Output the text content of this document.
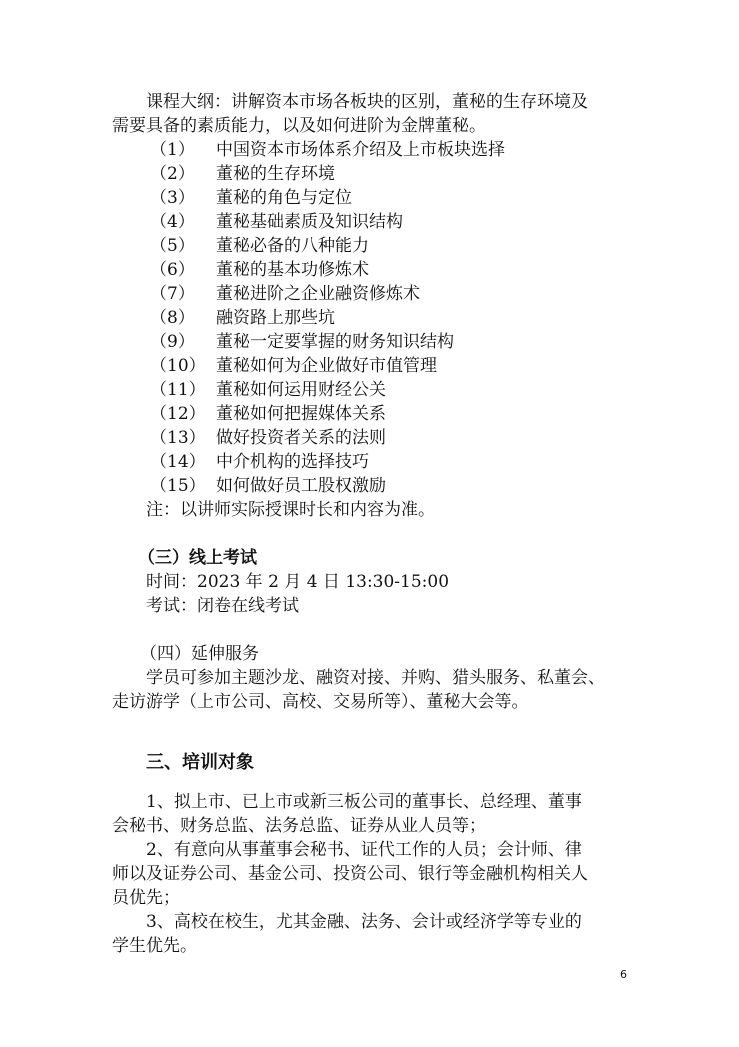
课程大纲：讲解资本市场各板块的区别，董秘的生存环境及
需要具备的素质能力，以及如何进阶为金牌董秘。
（1） 中国资本市场体系介绍及上市板块选择
（2） 董秘的生存环境
（3） 董秘的角色与定位
（4） 董秘基础素质及知识结构
（5） 董秘必备的八种能力
（6） 董秘的基本功修炼术
（7） 董秘进阶之企业融资修炼术
（8） 融资路上那些坑
（9） 董秘一定要掌握的财务知识结构
（10） 董秘如何为企业做好市值管理
（11） 董秘如何运用财经公关
（12） 董秘如何把握媒体关系
（13） 做好投资者关系的法则
（14） 中介机构的选择技巧
（15） 如何做好员工股权激励
注：以讲师实际授课时长和内容为准。
（三）线上考试
时间：2023 年 2 月 4 日 13:30-15:00
考试：闭卷在线考试
（四）延伸服务
学员可参加主题沙龙、融资对接、并购、猎头服务、私董会、
走访游学（上市公司、高校、交易所等）、董秘大会等。
三、培训对象
1、拟上市、已上市或新三板公司的董事长、总经理、董事
会秘书、财务总监、法务总监、证券从业人员等；
2、有意向从事董事会秘书、证代工作的人员；会计师、律
师以及证券公司、基金公司、投资公司、银行等金融机构相关人
员优先；
3、高校在校生，尤其金融、法务、会计或经济学等专业的
学生优先。
6
